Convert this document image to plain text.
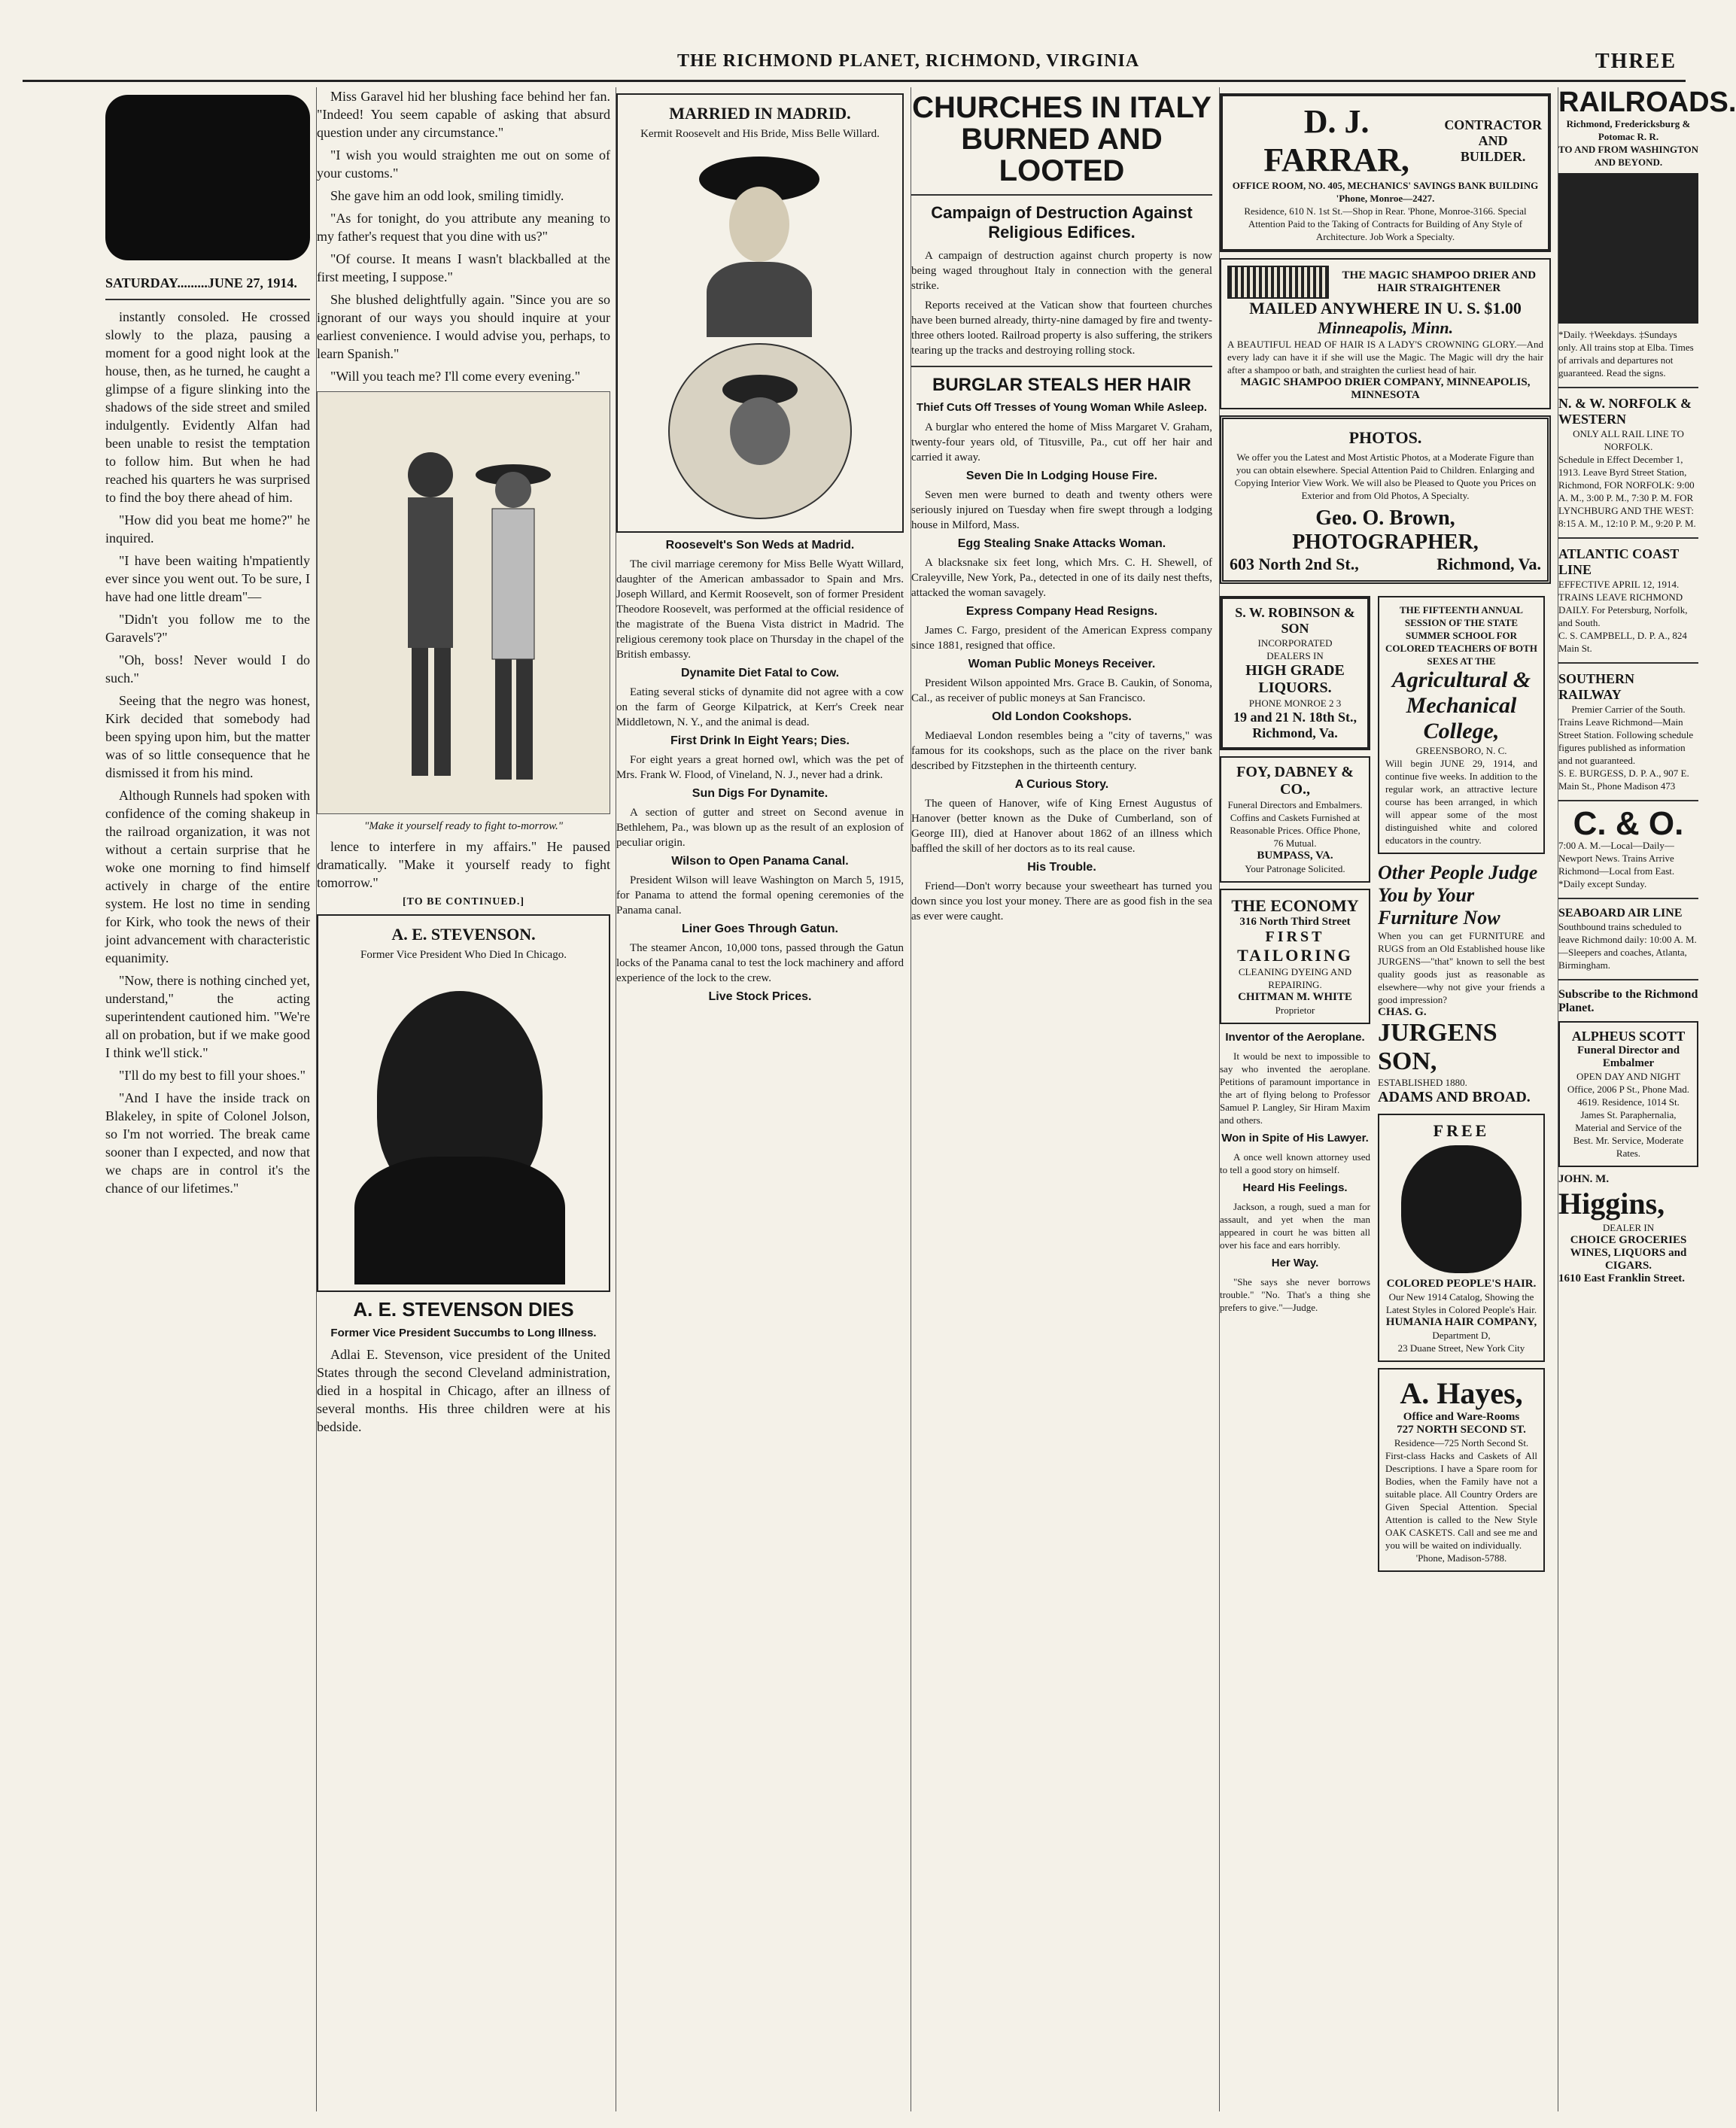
THE RICHMOND PLANET, RICHMOND, VIRGINIA	THREE
SATURDAY.........JUNE 27, 1914.

instantly consoled. He crossed slowly to the plaza, pausing a moment for a good night look at the house, then, as he turned, he caught a glimpse of a figure slinking into the shadows of the side street and smiled indulgently. Evidently Alfan had been unable to resist the temptation to follow him. But when he had reached his quarters he was surprised to find the boy there ahead of him.

"How did you beat me home?" he inquired.

"I have been waiting h'mpatiently ever since you went out. To be sure, I have had one little dream"—

"Didn't you follow me to the Garavels'?"

"Oh, boss! Never would I do such."

Seeing that the negro was honest, Kirk decided that somebody had been spying upon him, but the matter was of so little consequence that he dismissed it from his mind.

Although Runnels had spoken with confidence of the coming shakeup in the railroad organization, it was not without a certain surprise that he woke one morning to find himself actively in charge of the entire system. He lost no time in sending for Kirk, who took the news of their joint advancement with characteristic equanimity.

"Now, there is nothing cinched yet, understand," the acting superintendent cautioned him. "We're all on probation, but if we make good I think we'll stick."

"I'll do my best to fill your shoes."

"And I have the inside track on Blakeley, in spite of Colonel Jolson, so I'm not worried. The break came sooner than I expected, and now that we chaps are in control it's the chance of our lifetimes."

Miss Garavel hid her blushing face behind her fan. "Indeed! You seem capable of asking that absurd question under any circumstance."

"I wish you would straighten me out on some of your customs."

She gave him an odd look, smiling timidly.

"As for tonight, do you attribute any meaning to my father's request that you dine with us?"

"Of course. It means I wasn't blackballed at the first meeting, I suppose."

She blushed delightfully again. "Since you are so ignorant of our ways you should inquire at your earliest convenience. I would advise you, perhaps, to learn Spanish."

"Will you teach me? I'll come every evening."

"Make it yourself ready to fight to-morrow."

lence to interfere in my affairs." He paused dramatically. "Make it yourself ready to fight tomorrow."

[TO BE CONTINUED.]
A. E. STEVENSON.
Former Vice President Who Died In Chicago.
A. E. STEVENSON DIES
Former Vice President Succumbs to Long Illness.

Adlai E. Stevenson, vice president of the United States through the second Cleveland administration, died in a hospital in Chicago, after an illness of several months. His three children were at his bedside.

MARRIED IN MADRID.
Kermit Roosevelt and His Bride, Miss Belle Willard.
Roosevelt's Son Weds at Madrid.

The civil marriage ceremony for Miss Belle Wyatt Willard, daughter of the American ambassador to Spain and Mrs. Joseph Willard, and Kermit Roosevelt, son of former President Theodore Roosevelt, was performed at the official residence of the magistrate of the Buena Vista district in Madrid. The religious ceremony took place on Thursday in the chapel of the British embassy.

Dynamite Diet Fatal to Cow.

Eating several sticks of dynamite did not agree with a cow on the farm of George Kilpatrick, at Kerr's Creek near Middletown, N. Y., and the animal is dead.

First Drink In Eight Years; Dies.

For eight years a great horned owl, which was the pet of Mrs. Frank W. Flood, of Vineland, N. J., never had a drink.

Sun Digs For Dynamite.

A section of gutter and street on Second avenue in Bethlehem, Pa., was blown up as the result of an explosion of peculiar origin.

Wilson to Open Panama Canal.

President Wilson will leave Washington on March 5, 1915, for Panama to attend the formal opening ceremonies of the Panama canal.

Liner Goes Through Gatun.

The steamer Ancon, 10,000 tons, passed through the Gatun locks of the Panama canal to test the lock machinery and afford experience of the lock to the crew.

Live Stock Prices.
CHURCHES IN ITALY BURNED AND LOOTED
Campaign of Destruction Against Religious Edifices.

A campaign of destruction against church property is now being waged throughout Italy in connection with the general strike.

Reports received at the Vatican show that fourteen churches have been burned already, thirty-nine damaged by fire and twenty-three others looted. Railroad property is also suffering, the strikers tearing up the tracks and destroying rolling stock.

BURGLAR STEALS HER HAIR
Thief Cuts Off Tresses of Young Woman While Asleep.

A burglar who entered the home of Miss Margaret V. Graham, twenty-four years old, of Titusville, Pa., cut off her hair and carried it away.

Seven Die In Lodging House Fire.

Seven men were burned to death and twenty others were seriously injured on Tuesday when fire swept through a lodging house in Milford, Mass.

Egg Stealing Snake Attacks Woman.

A blacksnake six feet long, which Mrs. C. H. Shewell, of Craleyville, New York, Pa., detected in one of its daily nest thefts, attacked the woman savagely.

Express Company Head Resigns.

James C. Fargo, president of the American Express company since 1881, resigned that office.

Woman Public Moneys Receiver.

President Wilson appointed Mrs. Grace B. Caukin, of Sonoma, Cal., as receiver of public moneys at San Francisco.

Old London Cookshops.

Mediaeval London resembles being a "city of taverns," was famous for its cookshops, such as the place on the river bank described by Fitzstephen in the thirteenth century.

A Curious Story.

The queen of Hanover, wife of King Ernest Augustus of Hanover (better known as the Duke of Cumberland, son of George III), died at Hanover about 1862 of an illness which baffled the skill of her doctors as to its real cause.

His Trouble.

Friend—Don't worry because your sweetheart has turned you down since you lost your money. There are as good fish in the sea as ever were caught.

D. J. FARRAR,
CONTRACTOR AND BUILDER.
OFFICE ROOM, NO. 405, MECHANICS' SAVINGS BANK BUILDING 'Phone, Monroe—2427.
Residence, 610 N. 1st St.—Shop in Rear. 'Phone, Monroe-3166. Special Attention Paid to the Taking of Contracts for Building of Any Style of Architecture. Job Work a Specialty.
THE MAGIC SHAMPOO DRIER AND HAIR STRAIGHTENER
MAILED ANYWHERE IN U. S. $1.00
Minneapolis, Minn.
A BEAUTIFUL HEAD OF HAIR IS A LADY'S CROWNING GLORY.—And every lady can have it if she will use the Magic. The Magic will dry the hair after a shampoo or bath, and straighten the curliest head of hair.
MAGIC SHAMPOO DRIER COMPANY, MINNEAPOLIS, MINNESOTA
PHOTOS.
We offer you the Latest and Most Artistic Photos, at a Moderate Figure than you can obtain elsewhere. Special Attention Paid to Children. Enlarging and Copying Interior View Work. We will also be Pleased to Quote you Prices on Exterior and from Old Photos, A Specialty.
Geo. O. Brown, PHOTOGRAPHER,
603 North 2nd St.,	Richmond, Va.
S. W. ROBINSON & SON
INCORPORATED
DEALERS IN
HIGH GRADE LIQUORS.
PHONE MONROE 2 3
19 and 21 N. 18th St., Richmond, Va.
FOY, DABNEY & CO.,
Funeral Directors and Embalmers. Coffins and Caskets Furnished at Reasonable Prices. Office Phone, 76 Mutual.
BUMPASS, VA.
Your Patronage Solicited.
THE ECONOMY
316 North Third Street
FIRST
TAILORING
CLEANING DYEING AND REPAIRING.
CHITMAN M. WHITE
Proprietor
Inventor of the Aeroplane.

It would be next to impossible to say who invented the aeroplane. Petitions of paramount importance in the art of flying belong to Professor Samuel P. Langley, Sir Hiram Maxim and others.

Won in Spite of His Lawyer.

A once well known attorney used to tell a good story on himself.

Heard His Feelings.

Jackson, a rough, sued a man for assault, and yet when the man appeared in court he was bitten all over his face and ears horribly.

Her Way.

"She says she never borrows trouble." "No. That's a thing she prefers to give."—Judge.

THE FIFTEENTH ANNUAL SESSION OF THE STATE SUMMER SCHOOL FOR COLORED TEACHERS OF BOTH SEXES AT THE
Agricultural & Mechanical College,
GREENSBORO, N. C.
Will begin JUNE 29, 1914, and continue five weeks. In addition to the regular work, an attractive lecture course has been arranged, in which will appear some of the most distinguished white and colored educators in the country.
Other People Judge You by Your Furniture Now
When you can get FURNITURE and RUGS from an Old Established house like JURGENS—"that" known to sell the best quality goods just as reasonable as elsewhere—why not give your friends a good impression?
CHAS. G.
JURGENS SON,
ESTABLISHED 1880.
ADAMS AND BROAD.
FREE
COLORED PEOPLE'S HAIR.
Our New 1914 Catalog, Showing the Latest Styles in Colored People's Hair.
HUMANIA HAIR COMPANY,
Department D,
23 Duane Street, New York City
A. Hayes,
Office and Ware-Rooms
727 NORTH SECOND ST.
Residence—725 North Second St.
First-class Hacks and Caskets of All Descriptions. I have a Spare room for Bodies, when the Family have not a suitable place. All Country Orders are Given Special Attention. Special Attention is called to the New Style OAK CASKETS. Call and see me and you will be waited on individually.
'Phone, Madison-5788.
RAILROADS.
Richmond, Fredericksburg & Potomac R. R.
TO AND FROM WASHINGTON AND BEYOND.
*Daily. †Weekdays. ‡Sundays only. All trains stop at Elba. Times of arrivals and departures not guaranteed. Read the signs.
N. & W. NORFOLK & WESTERN
ONLY ALL RAIL LINE TO NORFOLK.
Schedule in Effect December 1, 1913. Leave Byrd Street Station, Richmond, FOR NORFOLK: 9:00 A. M., 3:00 P. M., 7:30 P. M. FOR LYNCHBURG AND THE WEST: 8:15 A. M., 12:10 P. M., 9:20 P. M.
ATLANTIC COAST LINE
EFFECTIVE APRIL 12, 1914. TRAINS LEAVE RICHMOND DAILY. For Petersburg, Norfolk, and South.
C. S. CAMPBELL, D. P. A., 824 Main St.
SOUTHERN RAILWAY
Premier Carrier of the South.
Trains Leave Richmond—Main Street Station. Following schedule figures published as information and not guaranteed.
S. E. BURGESS, D. P. A., 907 E. Main St., Phone Madison 473
C. & O.
7:00 A. M.—Local—Daily—Newport News. Trains Arrive Richmond—Local from East. *Daily except Sunday.
SEABOARD AIR LINE
Southbound trains scheduled to leave Richmond daily: 10:00 A. M.—Sleepers and coaches, Atlanta, Birmingham.
Subscribe to the Richmond Planet.
ALPHEUS SCOTT
Funeral Director and Embalmer
OPEN DAY AND NIGHT
Office, 2006 P St., Phone Mad. 4619. Residence, 1014 St. James St. Paraphernalia, Material and Service of the Best. Mr. Service, Moderate Rates.
JOHN. M.
Higgins,
DEALER IN
CHOICE GROCERIES WINES, LIQUORS and CIGARS.
1610 East Franklin Street.
